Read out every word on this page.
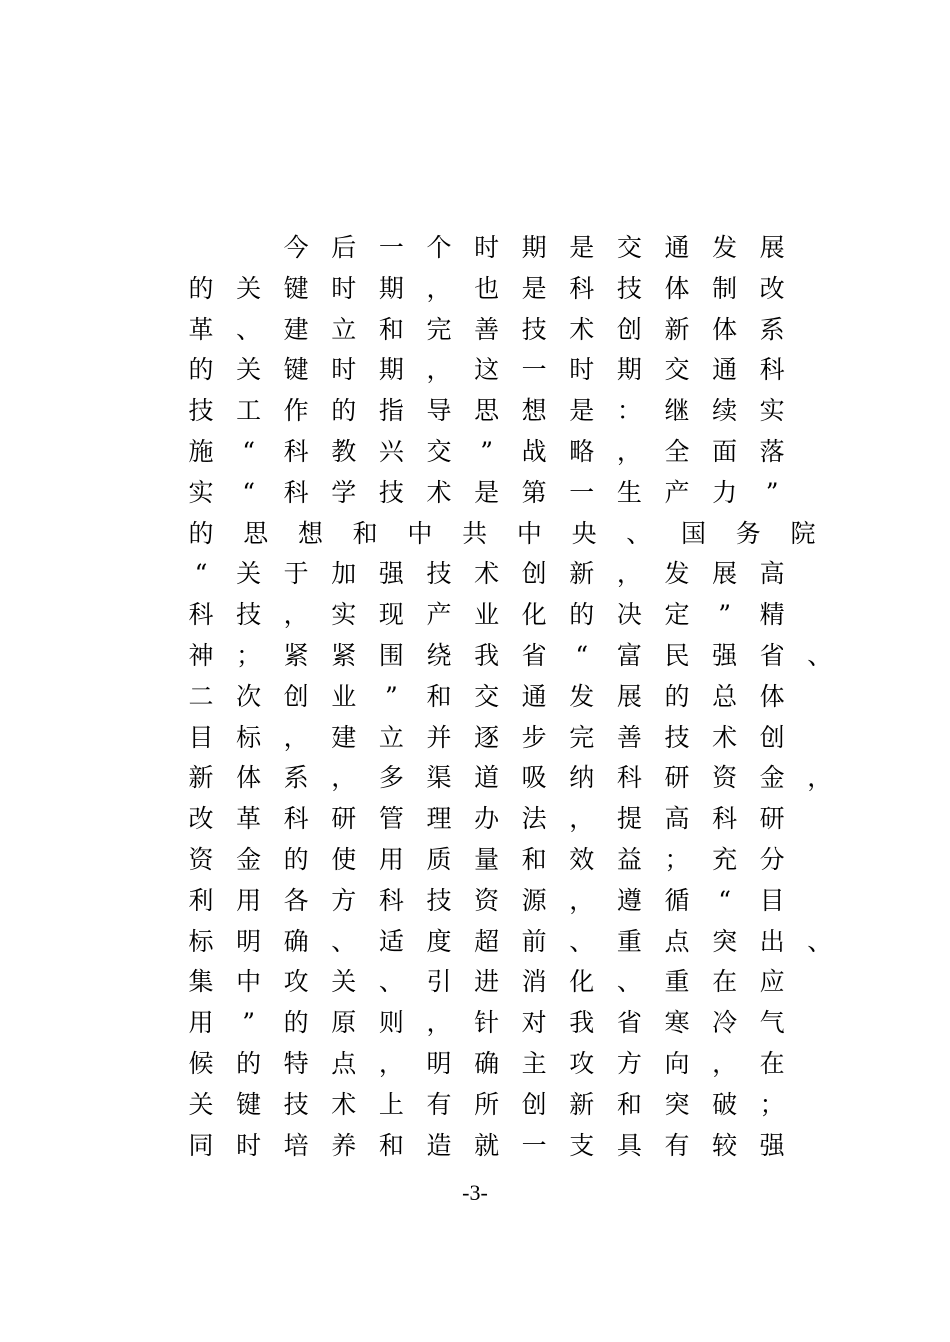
今 后 一 个 时 期 是 交 通 发 展
的 关 键 时 期 ， 也 是 科 技 体 制 改
革 、 建 立 和 完 善 技 术 创 新 体 系
的 关 键 时 期 ， 这 一 时 期 交 通 科
技 工 作 的 指 导 思 想 是 ： 继 续 实
施 “ 科 教 兴 交 ” 战 略 ， 全 面 落
实 “ 科 学 技 术 是 第 一 生 产 力 ”
的 思 想 和 中 共 中 央 、 国 务 院
“ 关 于 加 强 技 术 创 新 ， 发 展 高
科 技 ， 实 现 产 业 化 的 决 定 ” 精
神 ； 紧 紧 围 绕 我 省 “ 富 民 强 省 、
二 次 创 业 ” 和 交 通 发 展 的 总 体
目 标 ， 建 立 并 逐 步 完 善 技 术 创
新 体 系 ， 多 渠 道 吸 纳 科 研 资 金 ，
改 革 科 研 管 理 办 法 ， 提 高 科 研
资 金 的 使 用 质 量 和 效 益 ； 充 分
利 用 各 方 科 技 资 源 ， 遵 循 “ 目
标 明 确 、 适 度 超 前 、 重 点 突 出 、
集 中 攻 关 、 引 进 消 化 、 重 在 应
用 ” 的 原 则 ， 针 对 我 省 寒 冷 气
候 的 特 点 ， 明 确 主 攻 方 向 ， 在
关 键 技 术 上 有 所 创 新 和 突 破 ；
同 时 培 养 和 造 就 一 支 具 有 较 强
-3-
